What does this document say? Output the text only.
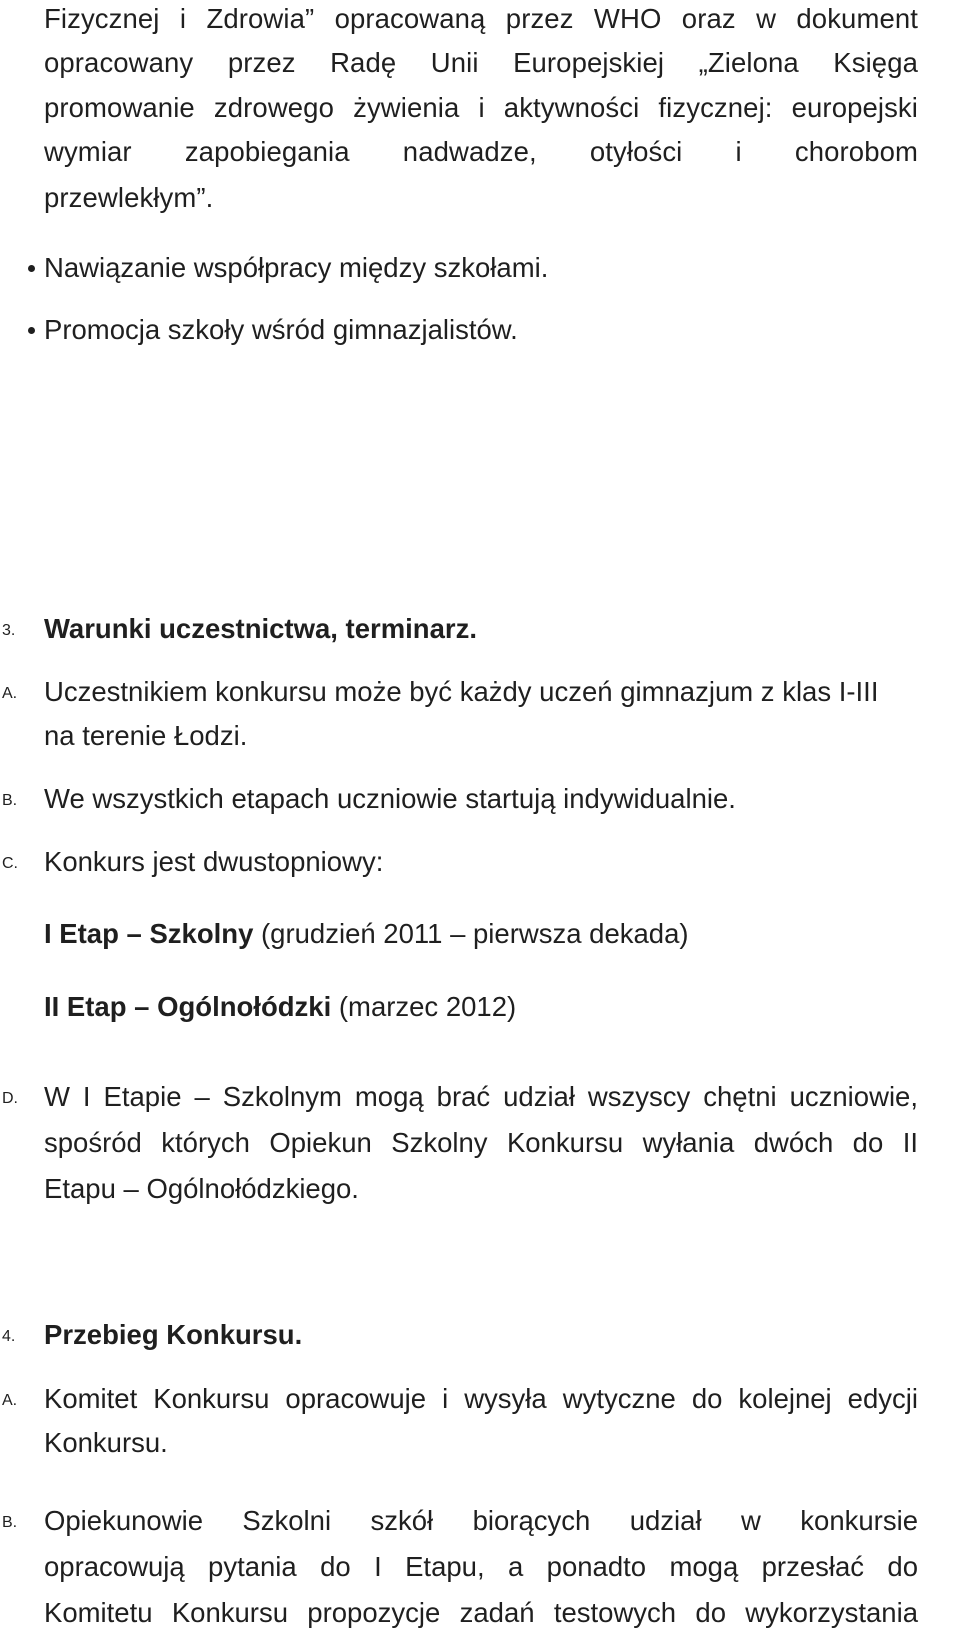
Fizycznej i Zdrowia” opracowaną przez WHO oraz w dokument
opracowany przez Radę Unii Europejskiej „Zielona Księga
promowanie zdrowego żywienia i aktywności fizycznej: europejski
wymiar zapobiegania nadwadze, otyłości i chorobom
przewlekłym”.
Nawiązanie współpracy między szkołami.
Promocja szkoły wśród gimnazjalistów.
3.	Warunki uczestnictwa, terminarz.
A. Uczestnikiem konkursu może być każdy uczeń gimnazjum z klas I-III
na terenie Łodzi.
B. We wszystkich etapach uczniowie startują indywidualnie.
C. Konkurs jest dwustopniowy:
I Etap – Szkolny (grudzień 2011 – pierwsza dekada)
II Etap – Ogólnołódzki (marzec 2012)
D. W I Etapie – Szkolnym mogą brać udział wszyscy chętni uczniowie,
spośród których Opiekun Szkolny Konkursu wyłania dwóch do II
Etapu – Ogólnołódzkiego.
4.	Przebieg Konkursu.
A. Komitet Konkursu opracowuje i wysyła wytyczne do kolejnej edycji
Konkursu.
B. Opiekunowie Szkolni szkół biorących udział w konkursie
opracowują pytania do I Etapu, a ponadto mogą przesłać do
Komitetu Konkursu propozycje zadań testowych do wykorzystania
